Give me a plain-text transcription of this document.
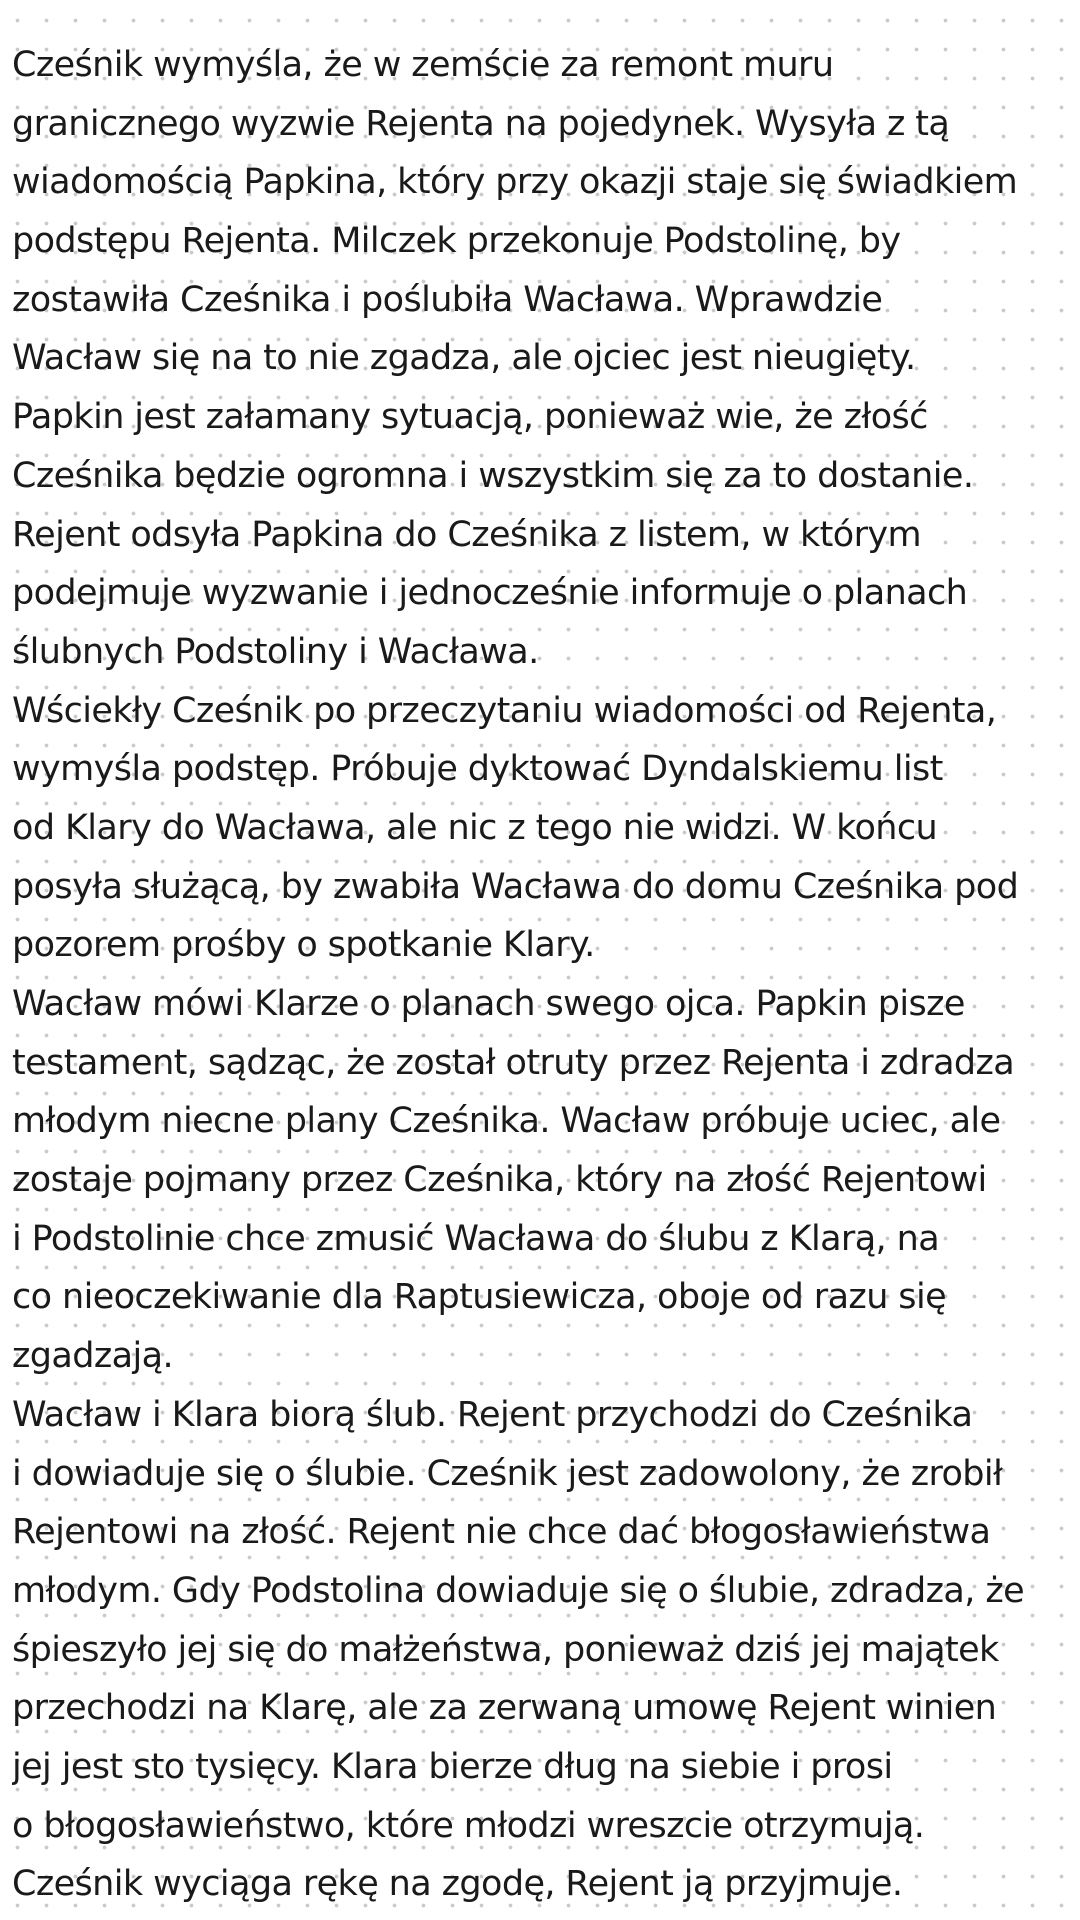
Cześnik wymyśla, że w zemście za remont muru
granicznego wyzwie Rejenta na pojedynek. Wysyła z tą
wiadomością Papkina, który przy okazji staje się świadkiem
podstępu Rejenta. Milczek przekonuje Podstolinę, by
zostawiła Cześnika i poślubiła Wacława. Wprawdzie
Wacław się na to nie zgadza, ale ojciec jest nieugięty.
Papkin jest załamany sytuacją, ponieważ wie, że złość
Cześnika będzie ogromna i wszystkim się za to dostanie.
Rejent odsyła Papkina do Cześnika z listem, w którym
podejmuje wyzwanie i jednocześnie informuje o planach
ślubnych Podstoliny i Wacława.
Wściekły Cześnik po przeczytaniu wiadomości od Rejenta,
wymyśla podstęp. Próbuje dyktować Dyndalskiemu list
od Klary do Wacława, ale nic z tego nie widzi. W końcu
posyła służącą, by zwabiła Wacława do domu Cześnika pod
pozorem prośby o spotkanie Klary.
Wacław mówi Klarze o planach swego ojca. Papkin pisze
testament, sądząc, że został otruty przez Rejenta i zdradza
młodym niecne plany Cześnika. Wacław próbuje uciec, ale
zostaje pojmany przez Cześnika, który na złość Rejentowi
i Podstolinie chce zmusić Wacława do ślubu z Klarą, na
co nieoczekiwanie dla Raptusiewicza, oboje od razu się
zgadzają.
Wacław i Klara biorą ślub. Rejent przychodzi do Cześnika
i dowiaduje się o ślubie. Cześnik jest zadowolony, że zrobił
Rejentowi na złość. Rejent nie chce dać błogosławieństwa
młodym. Gdy Podstolina dowiaduje się o ślubie, zdradza, że
śpieszyło jej się do małżeństwa, ponieważ dziś jej majątek
przechodzi na Klarę, ale za zerwaną umowę Rejent winien
jej jest sto tysięcy. Klara bierze dług na siebie i prosi
o błogosławieństwo, które młodzi wreszcie otrzymują.
Cześnik wyciąga rękę na zgodę, Rejent ją przyjmuje.
